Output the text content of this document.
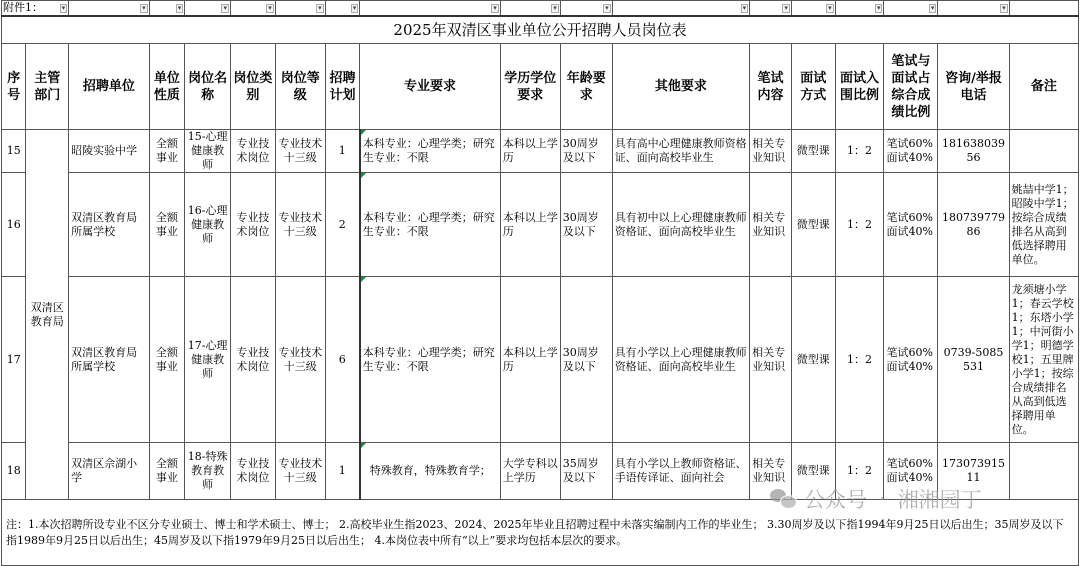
附件1： ▾		▾	▾	▾	▾	▾	▾	▾	▾	▾	▾	▾	▾	▾	▾	▾	

2025年双清区事业单位公开招聘人员岗位表																	
序号	主管部门	招聘单位	单位性质	岗位名称	岗位类别	岗位等级	招聘计划	专业要求	学历学位要求	年龄要求	其他要求	笔试内容	面试方式	面试入围比例	笔试与面试占综合成绩比例	咨询/举报电话	备注
15	双清区教育局	昭陵实验中学	全额事业	15-心理健康教师	专业技术岗位	专业技术十三级	1	本科专业：心理学类；研究生专业：不限	本科以上学历	30周岁及以下	具有高中心理健康教师资格证、面向高校毕业生	相关专业知识	微型课	1：2	笔试60%面试40%	18163803956	
16		双清区教育局所属学校	全额事业	16-心理健康教师	专业技术岗位	专业技术十三级	2	本科专业：心理学类；研究生专业：不限	本科以上学历	30周岁及以下	具有初中以上心理健康教师资格证、面向高校毕业生	相关专业知识	微型课	1：2	笔试60%面试40%	18073977986	姚喆中学1；昭陵中学1；按综合成绩排名从高到低选择聘用单位。
17		双清区教育局所属学校	全额事业	17-心理健康教师	专业技术岗位	专业技术十三级	6	本科专业：心理学类；研究生专业：不限	本科以上学历	30周岁及以下	具有小学以上心理健康教师资格证、面向高校毕业生	相关专业知识	微型课	1：2	笔试60%面试40%	0739-5085531	龙须塘小学1；春云学校1；东塔小学1；中河街小学1；明德学校1；五里牌小学1；按综合成绩排名从高到低选择聘用单位。
18		双清区佘湖小学	全额事业	18-特殊教育教师	专业技术岗位	专业技术十三级	1	特殊教育，特殊教育学；	大学专科以上学历	35周岁及以下	具有小学以上教师资格证、手语传译证、面向社会	相关专业知识	微型课	1：2	笔试60%面试40%	17307391511	
注：1.本次招聘所设专业不区分专业硕士、博士和学术硕士、博士； 2.高校毕业生指2023、2024、2025年毕业且招聘过程中未落实编制内工作的毕业生； 3.30周岁及以下指1994年9月25日以后出生；35周岁及以下指1989年9月25日以后出生；45周岁及以下指1979年9月25日以后出生； 4.本岗位表中所有“以上”要求均包括本层次的要求。																	
公众号 · 湘湘园丁
